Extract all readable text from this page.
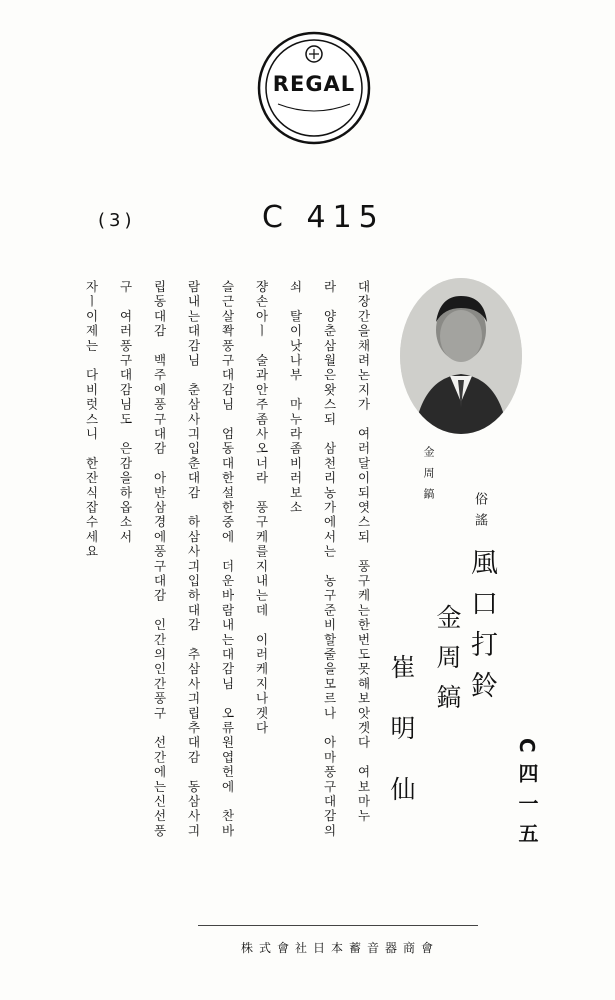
REGAL
(3)	C 415
대장간을채려논지가　여러달이되엿스되　풍구케는한번도못해보앗겟다　여보마누
라　양춘삼월은왓스되　삼천리농가에서는　농구준비할줄을모르나　아마풍구대감의
쇠　탈이낫나부　마누라좀비러보소
쟝손아ㅣ　술과안주좀사오너라　풍구케를지내는데　이러케지나겟다
슬근살쫙풍구대감님　엄동대한설한중에　더운바람내는대감님　오류원엽헌에　찬바
람내는대감님　춘삼사긔입춘대감　하삼사긔입하대감　추삼사긔립추대감　동삼사긔
립동대감　백주에풍구대감　아반삼경에풍구대감　인간의인간풍구　선간에는신선풍
구　여러풍구대감님도　은감을하옵소서
자ㅣ이제는　다비럿스니　한잔식잡수세요	金周鎬
俗謠
風口打鈴
金周鎬
崔明仙	C四一五
株式會社日本蓄音器商會
